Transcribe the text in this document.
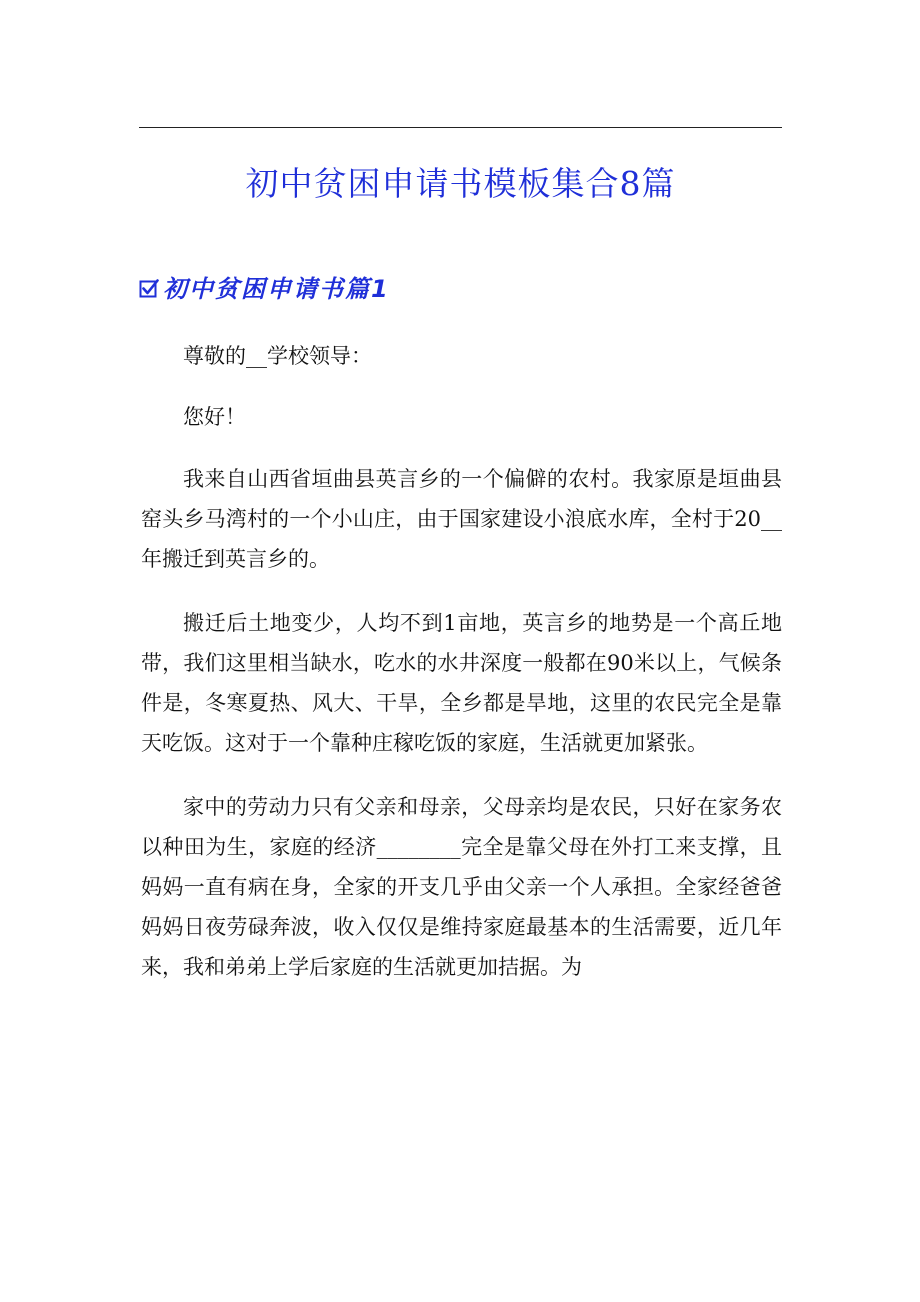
初中贫困申请书模板集合8篇
初中贫困申请书篇1

尊敬的__学校领导：

您好！

我来自山西省垣曲县英言乡的一个偏僻的农村。我家原是垣曲县窑头乡马湾村的一个小山庄，由于国家建设小浪底水库，全村于20__年搬迁到英言乡的。

搬迁后土地变少，人均不到1亩地，英言乡的地势是一个高丘地带，我们这里相当缺水，吃水的水井深度一般都在90米以上，气候条件是，冬寒夏热、风大、干旱，全乡都是旱地，这里的农民完全是靠天吃饭。这对于一个靠种庄稼吃饭的家庭，生活就更加紧张。

家中的劳动力只有父亲和母亲，父母亲均是农民，只好在家务农以种田为生，家庭的经济________完全是靠父母在外打工来支撑，且妈妈一直有病在身，全家的开支几乎由父亲一个人承担。全家经爸爸妈妈日夜劳碌奔波，收入仅仅是维持家庭最基本的生活需要，近几年来，我和弟弟上学后家庭的生活就更加拮据。为
